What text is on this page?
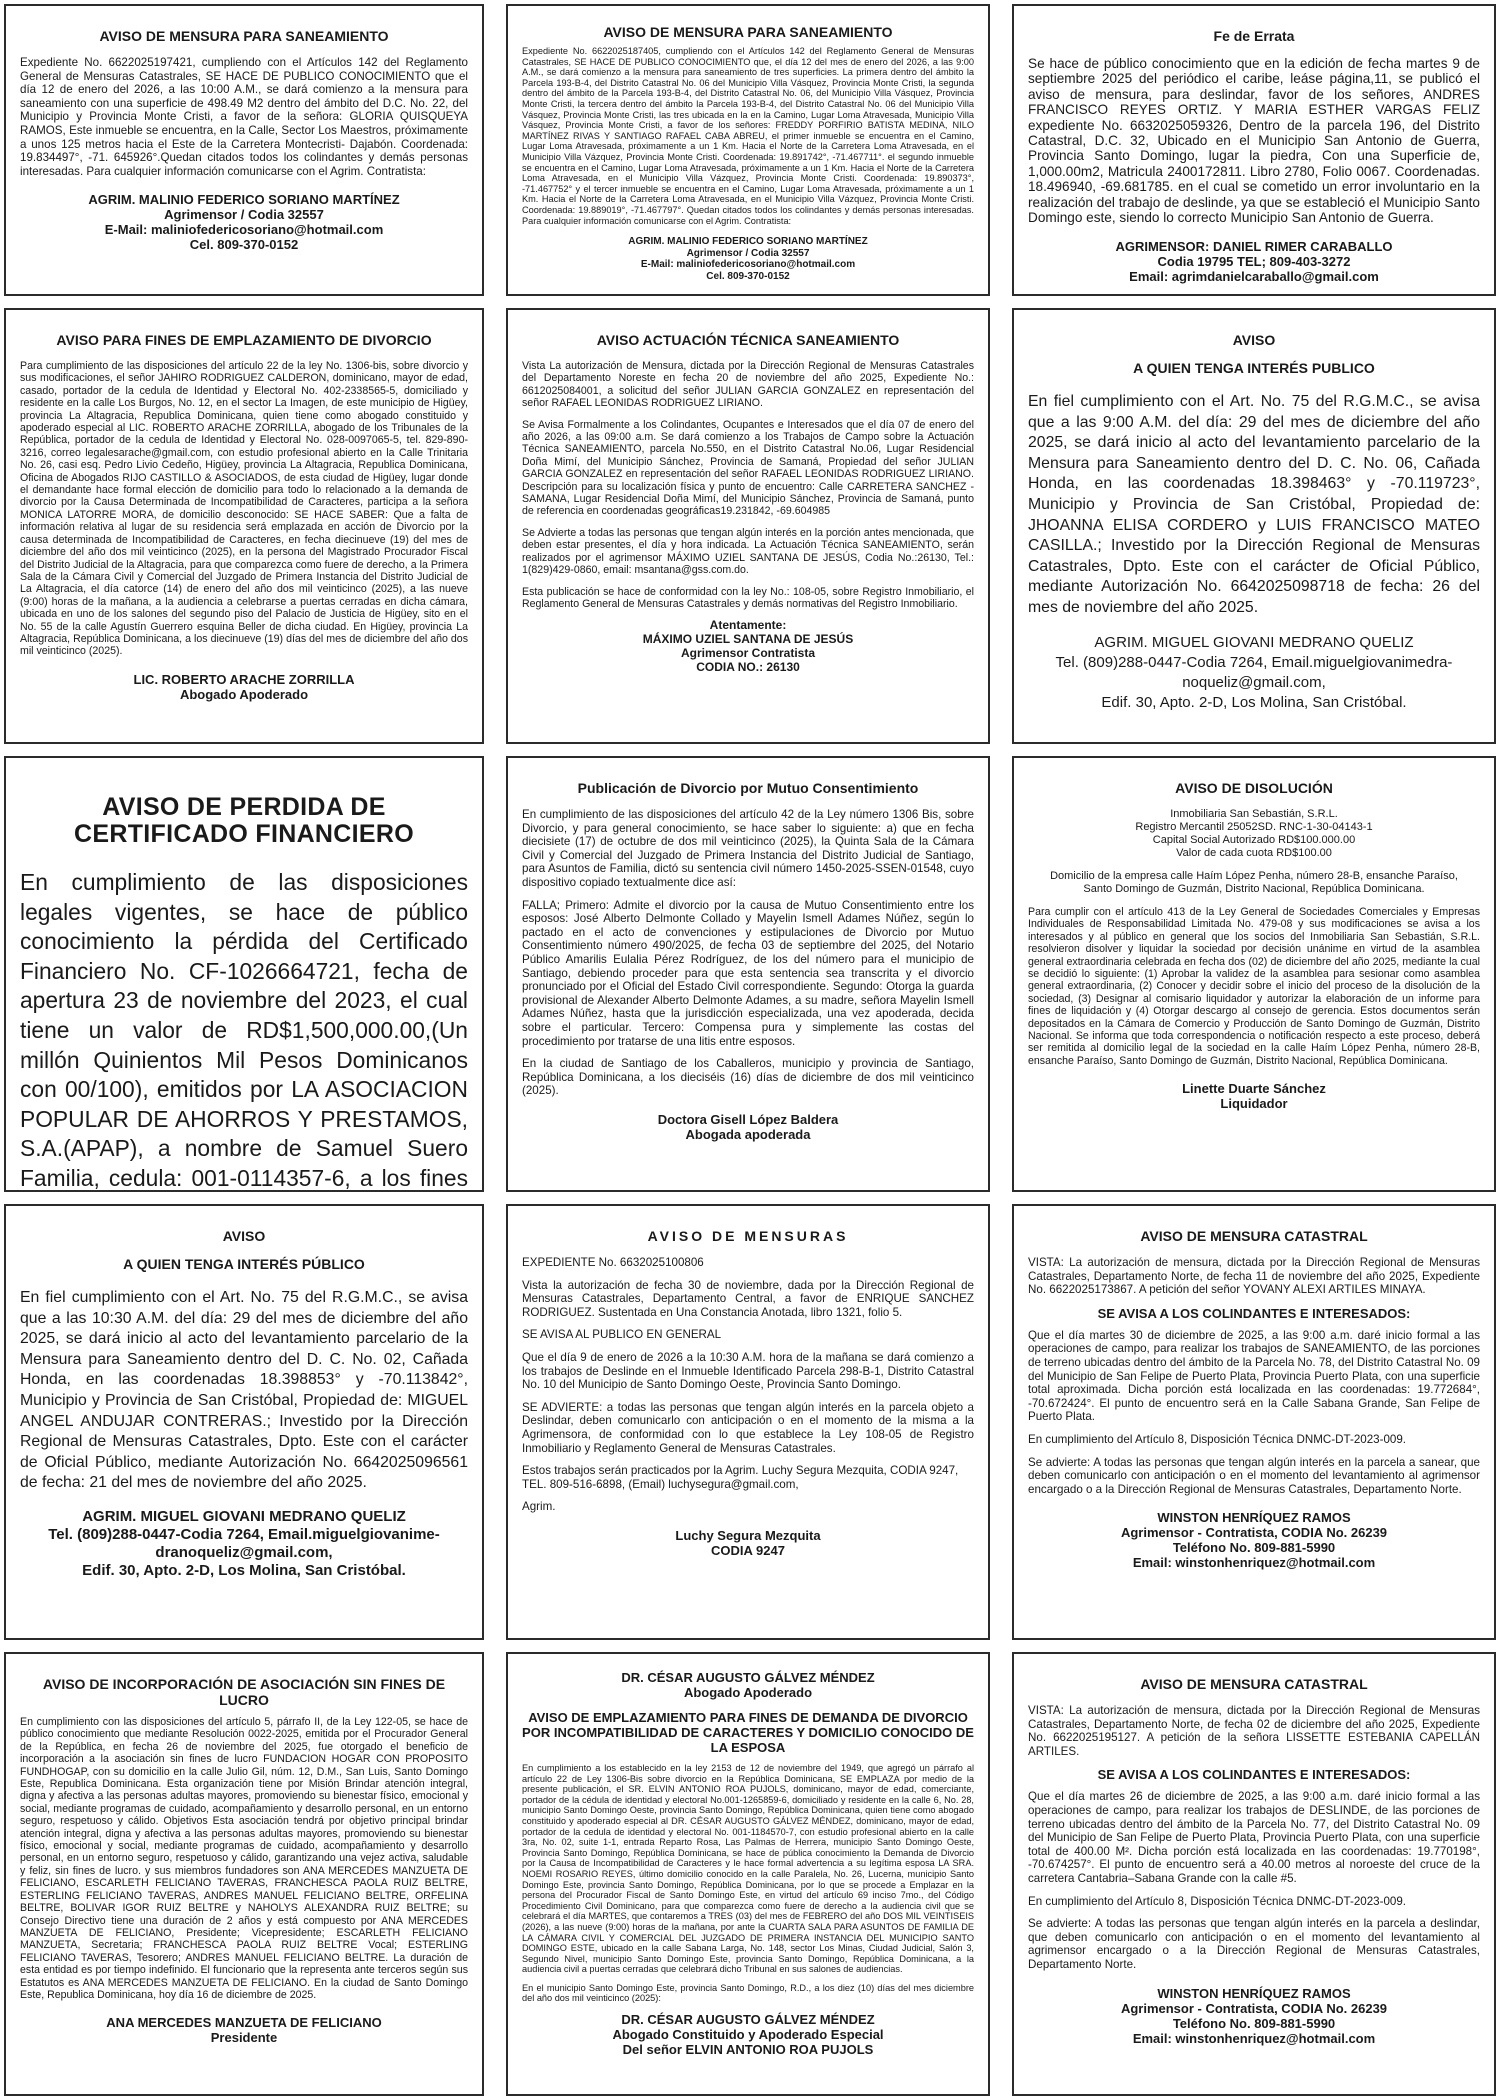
AVISO DE MENSURA PARA SANEAMIENTO

Expediente No. 6622025197421, cumpliendo con el Artículos 142 del Reglamento General de Mensuras Catastrales, SE HACE DE PUBLICO CONOCIMIENTO que el día 12 de enero del 2026, a las 10:00 A.M., se dará comienzo a la mensura para saneamiento con una superficie de 498.49 M2 dentro del ámbito del D.C. No. 22, del Municipio y Provincia Monte Cristi, a favor de la señora: GLORIA QUISQUEYA RAMOS, Este inmueble se encuentra, en la Calle, Sector Los Maestros, próximamente a unos 125 metros hacia el Este de la Carretera Montecristi- Dajabón. Coordenada: 19.834497°, -71. 645926°.Quedan citados todos los colindantes y demás personas interesadas. Para cualquier información comunicarse con el Agrim. Contratista:

AGRIM. MALINIO FEDERICO SORIANO MARTÍNEZ
Agrimensor / Codia 32557
E-Mail: maliniofedericosoriano@hotmail.com
Cel. 809-370-0152
AVISO DE MENSURA PARA SANEAMIENTO

Expediente No. 6622025187405, cumpliendo con el Artículos 142 del Reglamento General de Mensuras Catastrales, SE HACE DE PUBLICO CONOCIMIENTO que, el día 12 del mes de enero del 2026, a las 9:00 A.M., se dará comienzo a la mensura para saneamiento de tres superficies. La primera dentro del ámbito la Parcela 193-B-4, del Distrito Catastral No. 06 del Municipio Villa Vásquez, Provincia Monte Cristi, la segunda dentro del ámbito de la Parcela 193-B-4, del Distrito Catastral No. 06, del Municipio Villa Vásquez, Provincia Monte Cristi, la tercera dentro del ámbito la Parcela 193-B-4, del Distrito Catastral No. 06 del Municipio Villa Vásquez, Provincia Monte Cristi, las tres ubicada en la en la Camino, Lugar Loma Atravesada, Municipio Villa Vásquez, Provincia Monte Cristi, a favor de los señores: FREDDY PORFIRIO BATISTA MEDINA, NILO MARTÍNEZ RIVAS Y SANTIAGO RAFAEL CABA ABREU, el primer inmueble se encuentra en el Camino, Lugar Loma Atravesada, próximamente a un 1 Km. Hacia el Norte de la Carretera Loma Atravesada, en el Municipio Villa Vázquez, Provincia Monte Cristi. Coordenada: 19.891742°, -71.467711°. el segundo inmueble se encuentra en el Camino, Lugar Loma Atravesada, próximamente a un 1 Km. Hacia el Norte de la Carretera Loma Atravesada, en el Municipio Villa Vázquez, Provincia Monte Cristi. Coordenada: 19.890373°, -71.467752° y el tercer inmueble se encuentra en el Camino, Lugar Loma Atravesada, próximamente a un 1 Km. Hacia el Norte de la Carretera Loma Atravesada, en el Municipio Villa Vázquez, Provincia Monte Cristi. Coordenada: 19.889019°, -71.467797°. Quedan citados todos los colindantes y demás personas interesadas. Para cualquier información comunicarse con el Agrim. Contratista:

AGRIM. MALINIO FEDERICO SORIANO MARTÍNEZ
Agrimensor / Codia 32557
E-Mail: maliniofedericosoriano@hotmail.com
Cel. 809-370-0152
Fe de Errata

Se hace de público conocimiento que en la edición de fecha martes 9 de septiembre 2025 del periódico el caribe, leáse página,11, se publicó el aviso de mensura, para deslindar, favor de los señores, ANDRES FRANCISCO REYES ORTIZ. Y MARIA ESTHER VARGAS FELIZ expediente No. 6632025059326, Dentro de la parcela 196, del Distrito Catastral, D.C. 32, Ubicado en el Municipio San Antonio de Guerra, Provincia Santo Domingo, lugar la piedra, Con una Superficie de, 1,000.00m2, Matricula 2400172811. Libro 2780, Folio 0067. Coordenadas. 18.496940, -69.681785. en el cual se cometido un error involuntario en la realización del trabajo de deslinde, ya que se estableció el Municipio Santo Domingo este, siendo lo correcto Municipio San Antonio de Guerra.

AGRIMENSOR: DANIEL RIMER CARABALLO
Codia 19795 TEL; 809-403-3272
Email: agrimdanielcaraballo@gmail.com
AVISO PARA FINES DE EMPLAZAMIENTO DE DIVORCIO

Para cumplimiento de las disposiciones del artículo 22 de la ley No. 1306-bis, sobre divorcio y sus modificaciones, el señor JAHIRO RODRIGUEZ CALDERON, dominicano, mayor de edad, casado, portador de la cedula de Identidad y Electoral No. 402-2338565-5, domiciliado y residente en la calle Los Burgos, No. 12, en el sector La Imagen, de este municipio de Higüey, provincia La Altagracia, Republica Dominicana, quien tiene como abogado constituido y apoderado especial al LIC. ROBERTO ARACHE ZORRILLA, abogado de los Tribunales de la República, portador de la cedula de Identidad y Electoral No. 028-0097065-5, tel. 829-890-3216, correo legalesarache@gmail.com, con estudio profesional abierto en la Calle Trinitaria No. 26, casi esq. Pedro Livio Cedeño, Higüey, provincia La Altagracia, Republica Dominicana, Oficina de Abogados RIJO CASTILLO & ASOCIADOS, de esta ciudad de Higüey, lugar donde el demandante hace formal elección de domicilio para todo lo relacionado a la demanda de divorcio por la Causa Determinada de Incompatibilidad de Caracteres, participa a la señora MONICA LATORRE MORA, de domicilio desconocido: SE HACE SABER: Que a falta de información relativa al lugar de su residencia será emplazada en acción de Divorcio por la causa determinada de Incompatibilidad de Caracteres, en fecha diecinueve (19) del mes de diciembre del año dos mil veinticinco (2025), en la persona del Magistrado Procurador Fiscal del Distrito Judicial de la Altagracia, para que comparezca como fuere de derecho, a la Primera Sala de la Cámara Civil y Comercial del Juzgado de Primera Instancia del Distrito Judicial de La Altagracia, el día catorce (14) de enero del año dos mil veinticinco (2025), a las nueve (9:00) horas de la mañana, a la audiencia a celebrarse a puertas cerradas en dicha cámara, ubicada en uno de los salones del segundo piso del Palacio de Justicia de Higüey, sito en el No. 55 de la calle Agustín Guerrero esquina Beller de dicha ciudad. En Higüey, provincia La Altagracia, República Dominicana, a los diecinueve (19) días del mes de diciembre del año dos mil veinticinco (2025).

LIC. ROBERTO ARACHE ZORRILLA
Abogado Apoderado
AVISO ACTUACIÓN TÉCNICA SANEAMIENTO

Vista La autorización de Mensura, dictada por la Dirección Regional de Mensuras Catastrales del Departamento Noreste en fecha 20 de noviembre del año 2025, Expediente No.: 6612025084001, a solicitud del señor JULIAN GARCIA GONZALEZ en representación del señor RAFAEL LEONIDAS RODRIGUEZ LIRIANO.

Se Avisa Formalmente a los Colindantes, Ocupantes e Interesados que el día 07 de enero del año 2026, a las 09:00 a.m. Se dará comienzo a los Trabajos de Campo sobre la Actuación Técnica SANEAMIENTO, parcela No.550, en el Distrito Catastral No.06, Lugar Residencial Doña Mimí, del Municipio Sánchez, Provincia de Samaná, Propiedad del señor JULIAN GARCIA GONZALEZ en representación del señor RAFAEL LEONIDAS RODRIGUEZ LIRIANO. Descripción para su localización física y punto de encuentro: Calle CARRETERA SANCHEZ - SAMANA, Lugar Residencial Doña Mimí, del Municipio Sánchez, Provincia de Samaná, punto de referencia en coordenadas geográficas19.231842, -69.604985

Se Advierte a todas las personas que tengan algún interés en la porción antes mencionada, que deben estar presentes, el día y hora indicada. La Actuación Técnica SANEAMIENTO, serán realizados por el agrimensor MÁXIMO UZIEL SANTANA DE JESÚS, Codia No.:26130, Tel.: 1(829)429-0860, email: msantana@gss.com.do.

Esta publicación se hace de conformidad con la ley No.: 108-05, sobre Registro Inmobiliario, el Reglamento General de Mensuras Catastrales y demás normativas del Registro Inmobiliario.

Atentamente:
MÁXIMO UZIEL SANTANA DE JESÚS
Agrimensor Contratista
CODIA NO.: 26130
AVISO
A QUIEN TENGA INTERÉS PUBLICO

En fiel cumplimiento con el Art. No. 75 del R.G.M.C., se avisa que a las 9:00 A.M. del día: 29 del mes de diciembre del año 2025, se dará inicio al acto del levantamiento parcelario de la Mensura para Saneamiento dentro del D. C. No. 06, Cañada Honda, en las coordenadas 18.398463° y -70.119723°, Municipio y Provincia de San Cristóbal, Propiedad de: JHOANNA ELISA CORDERO y LUIS FRANCISCO MATEO CASILLA.; Investido por la Dirección Regional de Mensuras Catastrales, Dpto. Este con el carácter de Oficial Público, mediante Autorización No. 6642025098718 de fecha: 26 del mes de noviembre del año 2025.

AGRIM. MIGUEL GIOVANI MEDRANO QUELIZ
Tel. (809)288-0447-Codia 7264, Email.miguelgiovanimedra-
noqueliz@gmail.com,
Edif. 30, Apto. 2-D, Los Molina, San Cristóbal.
AVISO DE PERDIDA DE CERTIFICADO FINANCIERO

En cumplimiento de las disposiciones legales vigentes, se hace de público conocimiento la pérdida del Certificado Financiero No. CF-1026664721, fecha de apertura 23 de noviembre del 2023, el cual tiene un valor de RD$1,500,000.00,(Un millón Quinientos Mil Pesos Dominicanos con 00/100), emitidos por LA ASOCIACION POPULAR DE AHORROS Y PRESTAMOS, S.A.(APAP), a nombre de Samuel Suero Familia, cedula: 001-0114357-6, a los fines

Publicación de Divorcio por Mutuo Consentimiento

En cumplimiento de las disposiciones del artículo 42 de la Ley número 1306 Bis, sobre Divorcio, y para general conocimiento, se hace saber lo siguiente: a) que en fecha diecisiete (17) de octubre de dos mil veinticinco (2025), la Quinta Sala de la Cámara Civil y Comercial del Juzgado de Primera Instancia del Distrito Judicial de Santiago, para Asuntos de Familia, dictó su sentencia civil número 1450-2025-SSEN-01548, cuyo dispositivo copiado textualmente dice así:

FALLA; Primero: Admite el divorcio por la causa de Mutuo Consentimiento entre los esposos: José Alberto Delmonte Collado y Mayelin Ismell Adames Núñez, según lo pactado en el acto de convenciones y estipulaciones de Divorcio por Mutuo Consentimiento número 490/2025, de fecha 03 de septiembre del 2025, del Notario Público Amarilis Eulalia Pérez Rodríguez, de los del número para el municipio de Santiago, debiendo proceder para que esta sentencia sea transcrita y el divorcio pronunciado por el Oficial del Estado Civil correspondiente. Segundo: Otorga la guarda provisional de Alexander Alberto Delmonte Adames, a su madre, señora Mayelin Ismell Adames Núñez, hasta que la jurisdicción especializada, una vez apoderada, decida sobre el particular. Tercero: Compensa pura y simplemente las costas del procedimiento por tratarse de una litis entre esposos.

En la ciudad de Santiago de los Caballeros, municipio y provincia de Santiago, República Dominicana, a los dieciséis (16) días de diciembre de dos mil veinticinco (2025).

Doctora Gisell López Baldera
Abogada apoderada
AVISO DE DISOLUCIÓN
Inmobiliaria San Sebastián, S.R.L.
Registro Mercantil 25052SD. RNC-1-30-04143-1
Capital Social Autorizado RD$100.000.00
Valor de cada cuota RD$100.00
Domicilio de la empresa calle Haím López Penha, número 28-B, ensanche Paraíso,
Santo Domingo de Guzmán, Distrito Nacional, República Dominicana.

Para cumplir con el artículo 413 de la Ley General de Sociedades Comerciales y Empresas Individuales de Responsabilidad Limitada No. 479-08 y sus modificaciones se avisa a los interesados y al público en general que los socios del Inmobiliaria San Sebastián, S.R.L. resolvieron disolver y liquidar la sociedad por decisión unánime en virtud de la asamblea general extraordinaria celebrada en fecha dos (02) de diciembre del año 2025, mediante la cual se decidió lo siguiente: (1) Aprobar la validez de la asamblea para sesionar como asamblea general extraordinaria, (2) Conocer y decidir sobre el inicio del proceso de la disolución de la sociedad, (3) Designar al comisario liquidador y autorizar la elaboración de un informe para fines de liquidación y (4) Otorgar descargo al consejo de gerencia. Estos documentos serán depositados en la Cámara de Comercio y Producción de Santo Domingo de Guzmán, Distrito Nacional. Se informa que toda correspondencia o notificación respecto a este proceso, deberá ser remitida al domicilio legal de la sociedad en la calle Haím López Penha, número 28-B, ensanche Paraíso, Santo Domingo de Guzmán, Distrito Nacional, República Dominicana.

Linette Duarte Sánchez
Liquidador
AVISO
A QUIEN TENGA INTERÉS PÚBLICO

En fiel cumplimiento con el Art. No. 75 del R.G.M.C., se avisa que a las 10:30 A.M. del día: 29 del mes de diciembre del año 2025, se dará inicio al acto del levantamiento parcelario de la Mensura para Saneamiento dentro del D. C. No. 02, Cañada Honda, en las coordenadas 18.398853° y -70.113842°, Municipio y Provincia de San Cristóbal, Propiedad de: MIGUEL ANGEL ANDUJAR CONTRERAS.; Investido por la Dirección Regional de Mensuras Catastrales, Dpto. Este con el carácter de Oficial Público, mediante Autorización No. 6642025096561 de fecha: 21 del mes de noviembre del año 2025.

AGRIM. MIGUEL GIOVANI MEDRANO QUELIZ
Tel. (809)288-0447-Codia 7264, Email.miguelgiovanime-
dranoqueliz@gmail.com,
Edif. 30, Apto. 2-D, Los Molina, San Cristóbal.
AVISO DE MENSURAS

EXPEDIENTE No. 6632025100806

Vista la autorización de fecha 30 de noviembre, dada por la Dirección Regional de Mensuras Catastrales, Departamento Central, a favor de ENRIQUE SANCHEZ RODRIGUEZ. Sustentada en Una Constancia Anotada, libro 1321, folio 5.

SE AVISA AL PUBLICO EN GENERAL

Que el día 9 de enero de 2026 a la 10:30 A.M. hora de la mañana se dará comienzo a los trabajos de Deslinde en el Inmueble Identificado Parcela 298-B-1, Distrito Catastral No. 10 del Municipio de Santo Domingo Oeste, Provincia Santo Domingo.

SE ADVIERTE: a todas las personas que tengan algún interés en la parcela objeto a Deslindar, deben comunicarlo con anticipación o en el momento de la misma a la Agrimensora, de conformidad con lo que establece la Ley 108-05 de Registro Inmobiliario y Reglamento General de Mensuras Catastrales.

Estos trabajos serán practicados por la Agrim. Luchy Segura Mezquita, CODIA 9247,

TEL. 809-516-6898, (Email) luchysegura@gmail.com,

Agrim.

Luchy Segura Mezquita
CODIA 9247
AVISO DE MENSURA CATASTRAL

VISTA: La autorización de mensura, dictada por la Dirección Regional de Mensuras Catastrales, Departamento Norte, de fecha 11 de noviembre del año 2025, Expediente No. 6622025173867. A petición del señor YOVANY ALEXI ARTILES MINAYA.

SE AVISA A LOS COLINDANTES E INTERESADOS:

Que el día martes 30 de diciembre de 2025, a las 9:00 a.m. daré inicio formal a las operaciones de campo, para realizar los trabajos de SANEAMIENTO, de las porciones de terreno ubicadas dentro del ámbito de la Parcela No. 78, del Distrito Catastral No. 09 del Municipio de San Felipe de Puerto Plata, Provincia Puerto Plata, con una superficie total aproximada. Dicha porción está localizada en las coordenadas: 19.772684°, -70.672424°. El punto de encuentro será en la Calle Sabana Grande, San Felipe de Puerto Plata.

En cumplimiento del Artículo 8, Disposición Técnica DNMC-DT-2023-009.

Se advierte: A todas las personas que tengan algún interés en la parcela a sanear, que deben comunicarlo con anticipación o en el momento del levantamiento al agrimensor encargado o a la Dirección Regional de Mensuras Catastrales, Departamento Norte.

WINSTON HENRÍQUEZ RAMOS
Agrimensor - Contratista, CODIA No. 26239
Teléfono No. 809-881-5990
Email: winstonhenriquez@hotmail.com
AVISO DE INCORPORACIÓN DE ASOCIACIÓN SIN FINES DE LUCRO

En cumplimiento con las disposiciones del artículo 5, párrafo II, de la Ley 122-05, se hace de público conocimiento que mediante Resolución 0022-2025, emitida por el Procurador General de la República, en fecha 26 de noviembre del 2025, fue otorgado el beneficio de incorporación a la asociación sin fines de lucro FUNDACION HOGAR CON PROPOSITO FUNDHOGAP, con su domicilio en la calle Julio Gil, núm. 12, D.M., San Luis, Santo Domingo Este, Republica Dominicana. Esta organización tiene por Misión Brindar atención integral, digna y afectiva a las personas adultas mayores, promoviendo su bienestar físico, emocional y social, mediante programas de cuidado, acompañamiento y desarrollo personal, en un entorno seguro, respetuoso y cálido. Objetivos Esta asociación tendrá por objetivo principal brindar atención integral, digna y afectiva a las personas adultas mayores, promoviendo su bienestar físico, emocional y social, mediante programas de cuidado, acompañamiento y desarrollo personal, en un entorno seguro, respetuoso y cálido, garantizando una vejez activa, saludable y feliz, sin fines de lucro. y sus miembros fundadores son ANA MERCEDES MANZUETA DE FELICIANO, ESCARLETH FELICIANO TAVERAS, FRANCHESCA PAOLA RUIZ BELTRE, ESTERLING FELICIANO TAVERAS, ANDRES MANUEL FELICIANO BELTRE, ORFELINA BELTRE, BOLIVAR IGOR RUIZ BELTRE y NAHOLYS ALEXANDRA RUIZ BELTRE; su Consejo Directivo tiene una duración de 2 años y está compuesto por ANA MERCEDES MANZUETA DE FELICIANO, Presidente; Vicepresidente; ESCARLETH FELICIANO MANZUETA, Secretaria; FRANCHESCA PAOLA RUIZ BELTRE Vocal; ESTERLING FELICIANO TAVERAS, Tesorero; ANDRES MANUEL FELICIANO BELTRE. La duración de esta entidad es por tiempo indefinido. El funcionario que la representa ante terceros según sus Estatutos es ANA MERCEDES MANZUETA DE FELICIANO. En la ciudad de Santo Domingo Este, Republica Dominicana, hoy día 16 de diciembre de 2025.

ANA MERCEDES MANZUETA DE FELICIANO
Presidente
DR. CÉSAR AUGUSTO GÁLVEZ MÉNDEZ
Abogado Apoderado
AVISO DE EMPLAZAMIENTO PARA FINES DE DEMANDA DE DIVORCIO POR INCOMPATIBILIDAD DE CARACTERES Y DOMICILIO CONOCIDO DE LA ESPOSA

En cumplimiento a los establecido en la ley 2153 de 12 de noviembre del 1949, que agregó un párrafo al artículo 22 de Ley 1306-Bis sobre divorcio en la República Dominicana, SE EMPLAZA por medio de la presente publicación, el SR. ELVIN ANTONIO ROA PUJOLS, dominicano, mayor de edad, comerciante, portador de la cédula de identidad y electoral No.001-1265859-6, domiciliado y residente en la calle 6, No. 28, municipio Santo Domingo Oeste, provincia Santo Domingo, República Dominicana, quien tiene como abogado constituido y apoderado especial al DR. CÉSAR AUGUSTO GÁLVEZ MÉNDEZ, dominicano, mayor de edad, portador de la cedula de identidad y electoral No. 001-1184570-7, con estudio profesional abierto en la calle 3ra, No. 02, suite 1-1, entrada Reparto Rosa, Las Palmas de Herrera, municipio Santo Domingo Oeste, Provincia Santo Domingo, República Dominicana, se hace de pública conocimiento la Demanda de Divorcio por la Causa de Incompatibilidad de Caracteres y le hace formal advertencia a su legítima esposa LA SRA. NOEMI ROSARIO REYES, último domicilio conocido en la calle Paralela, No. 26, Lucerna, municipio Santo Domingo Este, provincia Santo Domingo, República Dominicana, por lo que se procede a Emplazar en la persona del Procurador Fiscal de Santo Domingo Este, en virtud del artículo 69 inciso 7mo., del Código Procedimiento Civil Dominicano, para que comparezca como fuere de derecho a la audiencia civil que se celebrará el día MARTES, que contaremos a TRES (03) del mes de FEBRERO del año DOS MIL VEINTISEIS (2026), a las nueve (9:00) horas de la mañana, por ante la CUARTA SALA PARA ASUNTOS DE FAMILIA DE LA CÁMARA CIVIL Y COMERCIAL DEL JUZGADO DE PRIMERA INSTANCIA DEL MUNICIPIO SANTO DOMINGO ESTE, ubicado en la calle Sabana Larga, No. 148, sector Los Minas, Ciudad Judicial, Salón 3, Segundo Nivel, municipio Santo Domingo Este, provincia Santo Domingo, República Dominicana, a la audiencia civil a puertas cerradas que celebrará dicho Tribunal en sus salones de audiencias.

En el municipio Santo Domingo Este, provincia Santo Domingo, R.D., a los diez (10) días del mes diciembre del año dos mil veinticinco (2025):

DR. CÉSAR AUGUSTO GÁLVEZ MÉNDEZ
Abogado Constituido y Apoderado Especial
Del señor ELVIN ANTONIO ROA PUJOLS
AVISO DE MENSURA CATASTRAL

VISTA: La autorización de mensura, dictada por la Dirección Regional de Mensuras Catastrales, Departamento Norte, de fecha 02 de diciembre del año 2025, Expediente No. 6622025195127. A petición de la señora LISSETTE ESTEBANIA CAPELLÁN ARTILES.

SE AVISA A LOS COLINDANTES E INTERESADOS:

Que el día martes 26 de diciembre de 2025, a las 9:00 a.m. daré inicio formal a las operaciones de campo, para realizar los trabajos de DESLINDE, de las porciones de terreno ubicadas dentro del ámbito de la Parcela No. 77, del Distrito Catastral No. 09 del Municipio de San Felipe de Puerto Plata, Provincia Puerto Plata, con una superficie total de 400.00 M². Dicha porción está localizada en las coordenadas: 19.770198°, -70.674257°. El punto de encuentro será a 40.00 metros al noroeste del cruce de la carretera Cantabria–Sabana Grande con la calle #5.

En cumplimiento del Artículo 8, Disposición Técnica DNMC-DT-2023-009.

Se advierte: A todas las personas que tengan algún interés en la parcela a deslindar, que deben comunicarlo con anticipación o en el momento del levantamiento al agrimensor encargado o a la Dirección Regional de Mensuras Catastrales, Departamento Norte.

WINSTON HENRÍQUEZ RAMOS
Agrimensor - Contratista, CODIA No. 26239
Teléfono No. 809-881-5990
Email: winstonhenriquez@hotmail.com
